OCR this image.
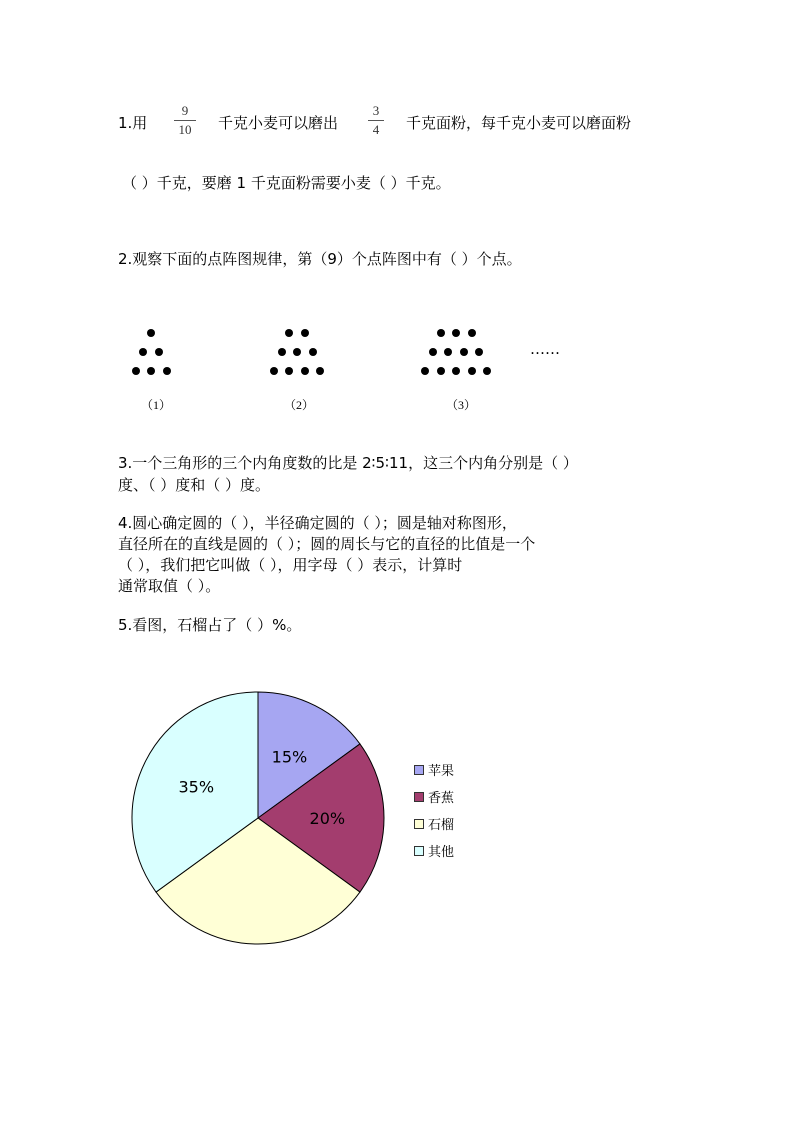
1.用
9
10	千克小麦可以磨出
3
4	千克面粉，每千克小麦可以磨面粉
（ ）千克，要磨 1 千克面粉需要小麦（ ）千克。
2.观察下面的点阵图规律，第（9）个点阵图中有（ ）个点。
……
（1）	（2）	（3）
3.一个三角形的三个内角度数的比是 2∶5∶11，这三个内角分别是（ ）
度、（ ）度和（ ）度。
4.圆心确定圆的（ ），半径确定圆的（ ）；圆是轴对称图形，
直径所在的直线是圆的（ ）；圆的周长与它的直径的比值是一个
（ ），我们把它叫做（ ），用字母（ ）表示，计算时
通常取值（ ）。
5.看图，石榴占了（ ）%。
15%
20%
35%
苹果
香蕉
石榴
其他
